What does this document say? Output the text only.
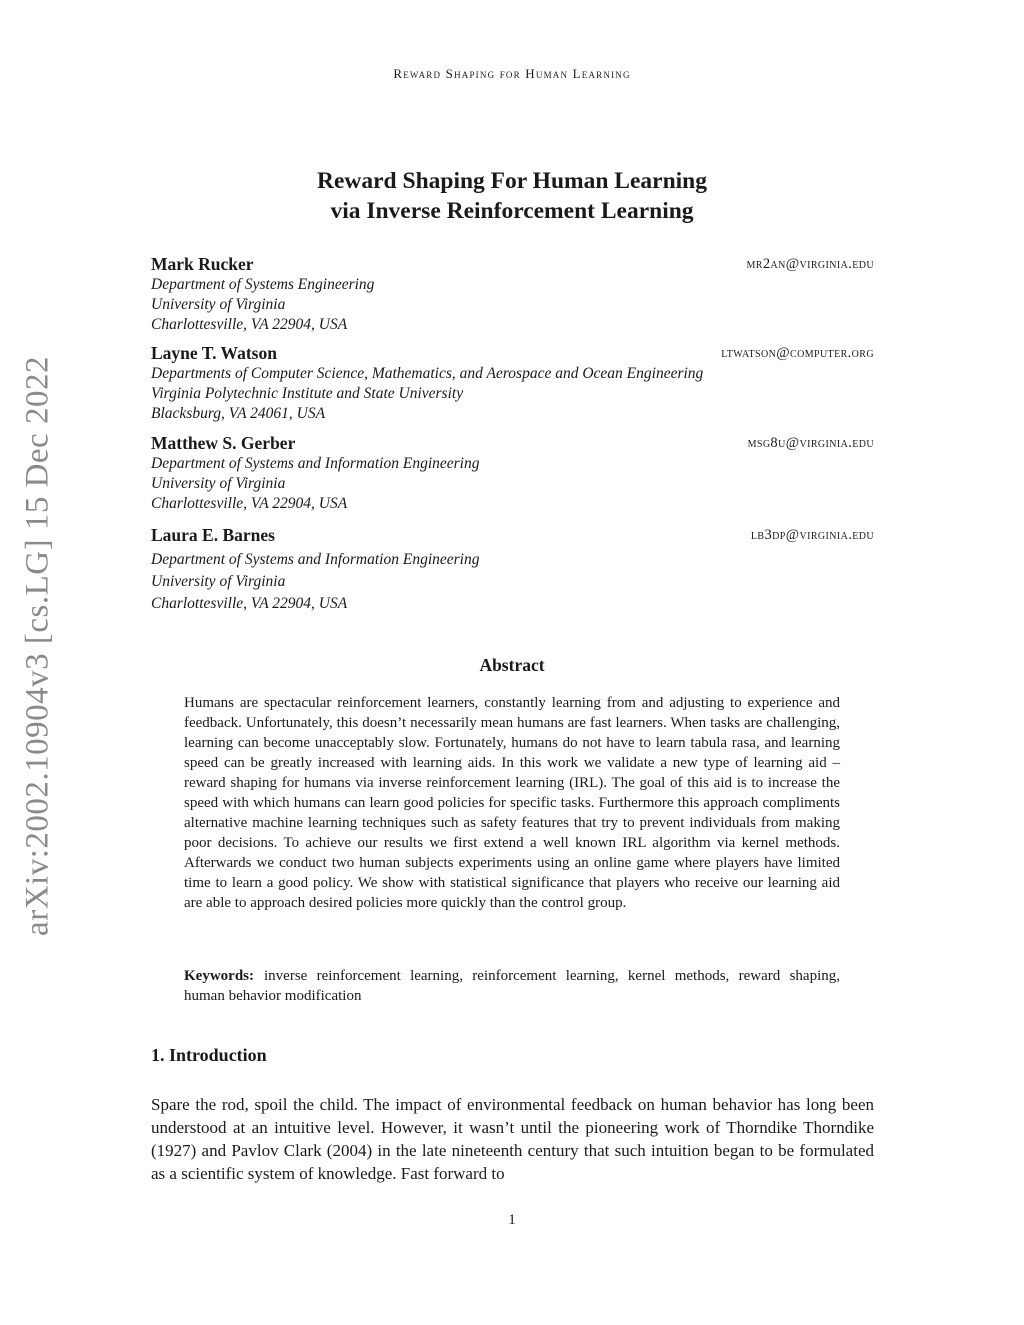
Reward Shaping for Human Learning
arXiv:2002.10904v3 [cs.LG] 15 Dec 2022
Reward Shaping For Human Learning
via Inverse Reinforcement Learning
Mark Rucker	mr2an@virginia.edu
Department of Systems Engineering
University of Virginia
Charlottesville, VA 22904, USA
Layne T. Watson	ltwatson@computer.org
Departments of Computer Science, Mathematics, and Aerospace and Ocean Engineering
Virginia Polytechnic Institute and State University
Blacksburg, VA 24061, USA
Matthew S. Gerber	msg8u@virginia.edu
Department of Systems and Information Engineering
University of Virginia
Charlottesville, VA 22904, USA
Laura E. Barnes	lb3dp@virginia.edu
Department of Systems and Information Engineering
University of Virginia
Charlottesville, VA 22904, USA
Abstract
Humans are spectacular reinforcement learners, constantly learning from and adjusting to experience and feedback. Unfortunately, this doesn’t necessarily mean humans are fast learners. When tasks are challenging, learning can become unacceptably slow. Fortunately, humans do not have to learn tabula rasa, and learning speed can be greatly increased with learning aids. In this work we validate a new type of learning aid – reward shaping for humans via inverse reinforcement learning (IRL). The goal of this aid is to increase the speed with which humans can learn good policies for specific tasks. Furthermore this approach compliments alternative machine learning techniques such as safety features that try to prevent individuals from making poor decisions. To achieve our results we first extend a well known IRL algorithm via kernel methods. Afterwards we conduct two human subjects experiments using an online game where players have limited time to learn a good policy. We show with statistical significance that players who receive our learning aid are able to approach desired policies more quickly than the control group.
Keywords: inverse reinforcement learning, reinforcement learning, kernel methods, reward shaping, human behavior modification
1. Introduction
Spare the rod, spoil the child. The impact of environmental feedback on human behavior has long been understood at an intuitive level. However, it wasn’t until the pioneering work of Thorndike Thorndike (1927) and Pavlov Clark (2004) in the late nineteenth century that such intuition began to be formulated as a scientific system of knowledge. Fast forward to
1
